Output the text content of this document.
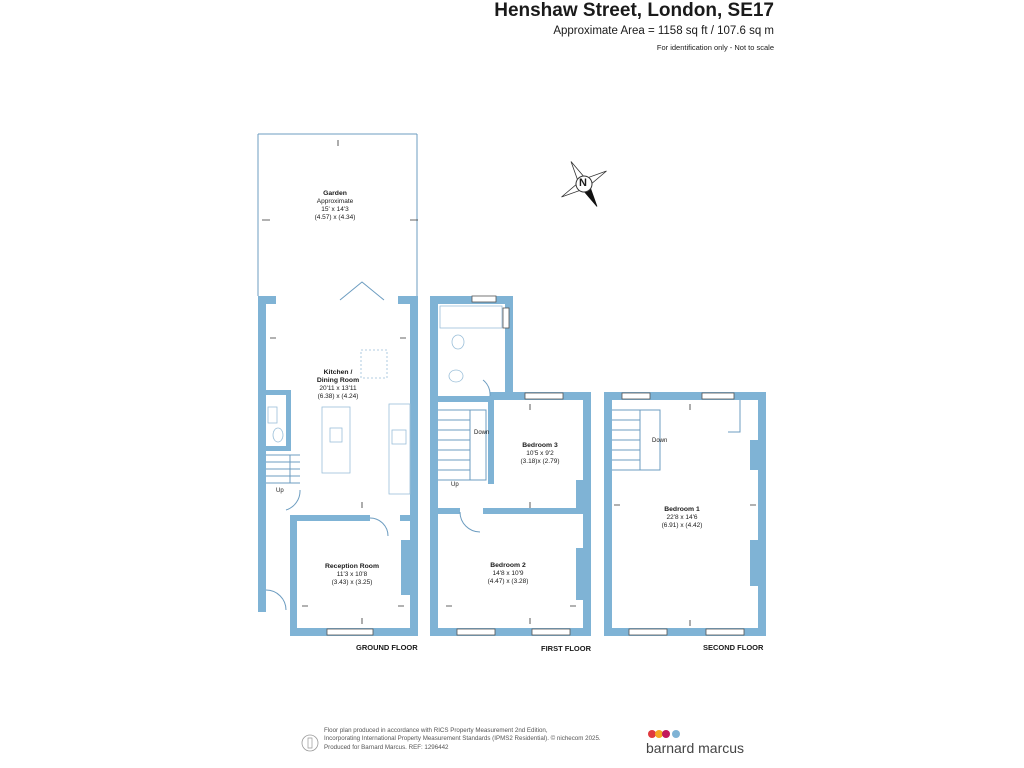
Henshaw Street, London, SE17
Approximate Area = 1158 sq ft / 107.6 sq m
For identification only - Not to scale
N
Garden
Approximate
15' x 14'3
(4.57) x (4.34)
Kitchen /
Dining Room
20'11 x 13'11
(6.38) x (4.24)
Reception Room
11'3 x 10'8
(3.43) x (3.25)
Bedroom 3
10'5 x 9'2
(3.18)x (2.79)
Bedroom 2
14'8 x 10'9
(4.47) x (3.28)
Bedroom 1
22'8 x 14'6
(6.91) x (4.42)
Up
Up
Down
Down
GROUND FLOOR	FIRST FLOOR	SECOND FLOOR
Floor plan produced in accordance with RICS Property Measurement 2nd Edition,
Incorporating International Property Measurement Standards (IPMS2 Residential). © nichecom 2025.
Produced for Barnard Marcus. REF: 1296442	barnard marcus
